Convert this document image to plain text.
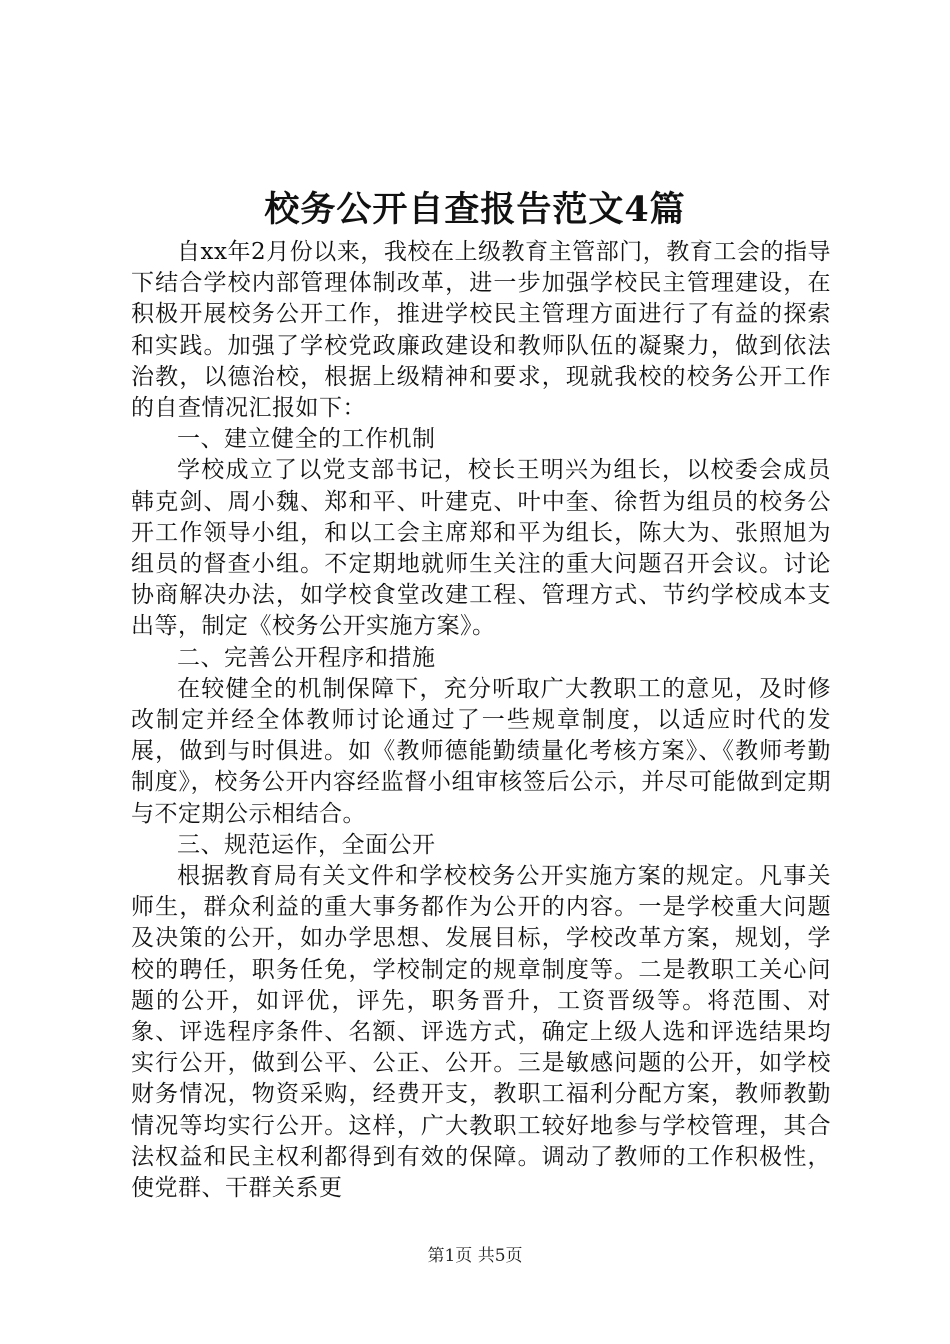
校务公开自查报告范文4篇

自xx年2月份以来，我校在上级教育主管部门，教育工会的指导下结合学校内部管理体制改革，进一步加强学校民主管理建设，在积极开展校务公开工作，推进学校民主管理方面进行了有益的探索和实践。加强了学校党政廉政建设和教师队伍的凝聚力，做到依法治教，以德治校，根据上级精神和要求，现就我校的校务公开工作的自查情况汇报如下：

一、建立健全的工作机制

学校成立了以党支部书记，校长王明兴为组长，以校委会成员韩克剑、周小魏、郑和平、叶建克、叶中奎、徐哲为组员的校务公开工作领导小组，和以工会主席郑和平为组长，陈大为、张照旭为组员的督查小组。不定期地就师生关注的重大问题召开会议。讨论协商解决办法，如学校食堂改建工程、管理方式、节约学校成本支出等，制定《校务公开实施方案》。

二、完善公开程序和措施

在较健全的机制保障下，充分听取广大教职工的意见，及时修改制定并经全体教师讨论通过了一些规章制度，以适应时代的发展，做到与时俱进。如《教师德能勤绩量化考核方案》、《教师考勤制度》，校务公开内容经监督小组审核签后公示，并尽可能做到定期与不定期公示相结合。

三、规范运作，全面公开

根据教育局有关文件和学校校务公开实施方案的规定。凡事关师生，群众利益的重大事务都作为公开的内容。一是学校重大问题及决策的公开，如办学思想、发展目标，学校改革方案，规划，学校的聘任，职务任免，学校制定的规章制度等。二是教职工关心问题的公开，如评优，评先，职务晋升，工资晋级等。将范围、对象、评选程序条件、名额、评选方式，确定上级人选和评选结果均实行公开，做到公平、公正、公开。三是敏感问题的公开，如学校财务情况，物资采购，经费开支，教职工福利分配方案，教师教勤情况等均实行公开。这样，广大教职工较好地参与学校管理，其合法权益和民主权利都得到有效的保障。调动了教师的工作积极性，使党群、干群关系更

第1页 共5页
